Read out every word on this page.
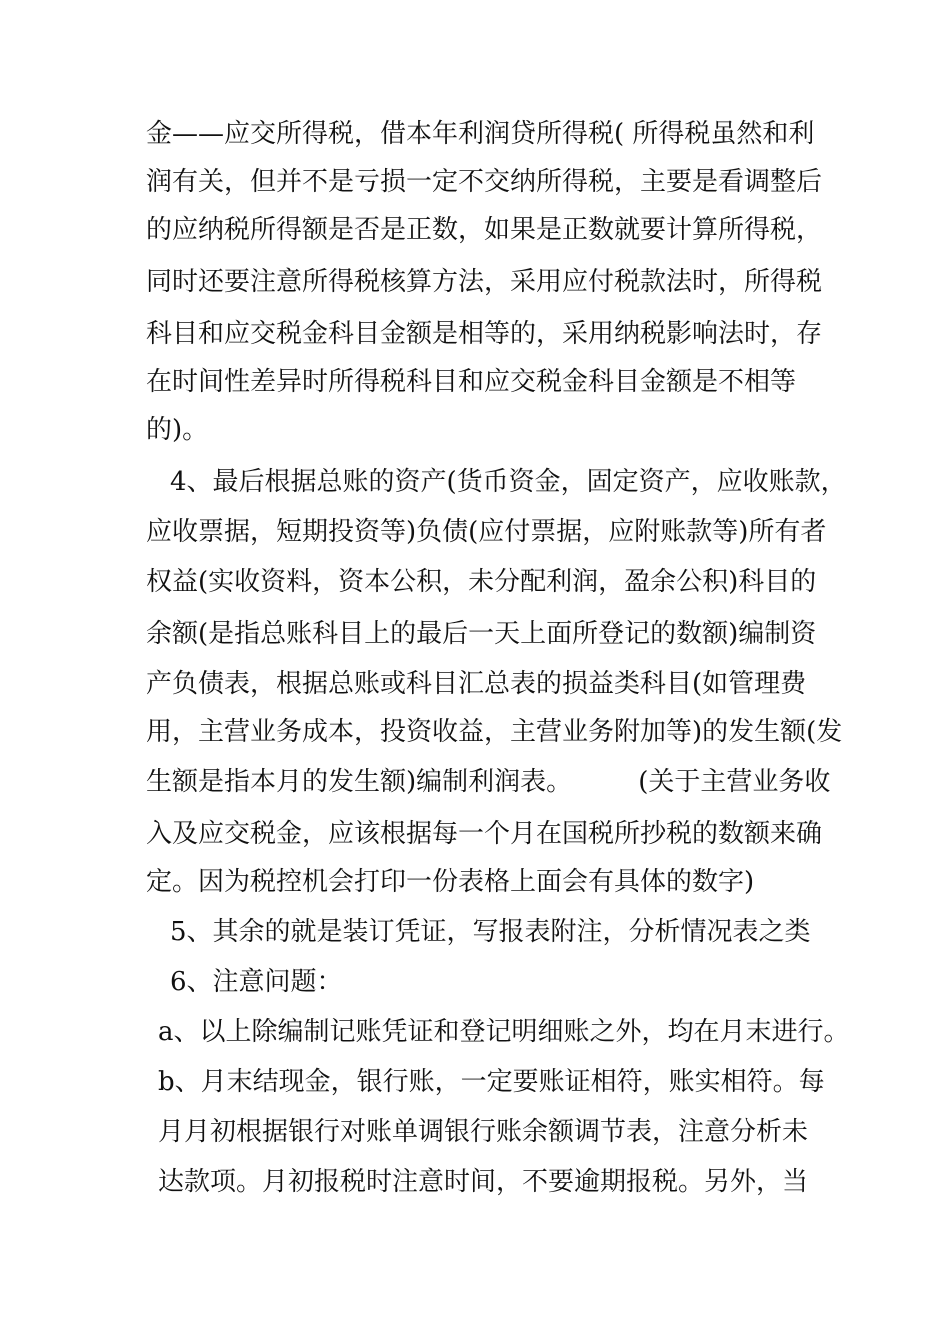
金——应交所得税，借本年利润贷所得税( 所得税虽然和利
润有关，但并不是亏损一定不交纳所得税，主要是看调整后
的应纳税所得额是否是正数，如果是正数就要计算所得税，
同时还要注意所得税核算方法，采用应付税款法时，所得税
科目和应交税金科目金额是相等的，采用纳税影响法时，存
在时间性差异时所得税科目和应交税金科目金额是不相等
的)。
4、最后根据总账的资产(货币资金，固定资产，应收账款，
应收票据，短期投资等)负债(应付票据，应附账款等)所有者
权益(实收资料，资本公积，未分配利润，盈余公积)科目的
余额(是指总账科目上的最后一天上面所登记的数额)编制资
产负债表，根据总账或科目汇总表的损益类科目(如管理费
用，主营业务成本，投资收益，主营业务附加等)的发生额(发
生额是指本月的发生额)编制利润表。        (关于主营业务收
入及应交税金，应该根据每一个月在国税所抄税的数额来确
定。因为税控机会打印一份表格上面会有具体的数字)
5、其余的就是装订凭证，写报表附注，分析情况表之类
6、注意问题：
a、以上除编制记账凭证和登记明细账之外，均在月末进行。
b、月末结现金，银行账，一定要账证相符，账实相符。每
月月初根据银行对账单调银行账余额调节表，注意分析未
达款项。月初报税时注意时间，不要逾期报税。另外，当
